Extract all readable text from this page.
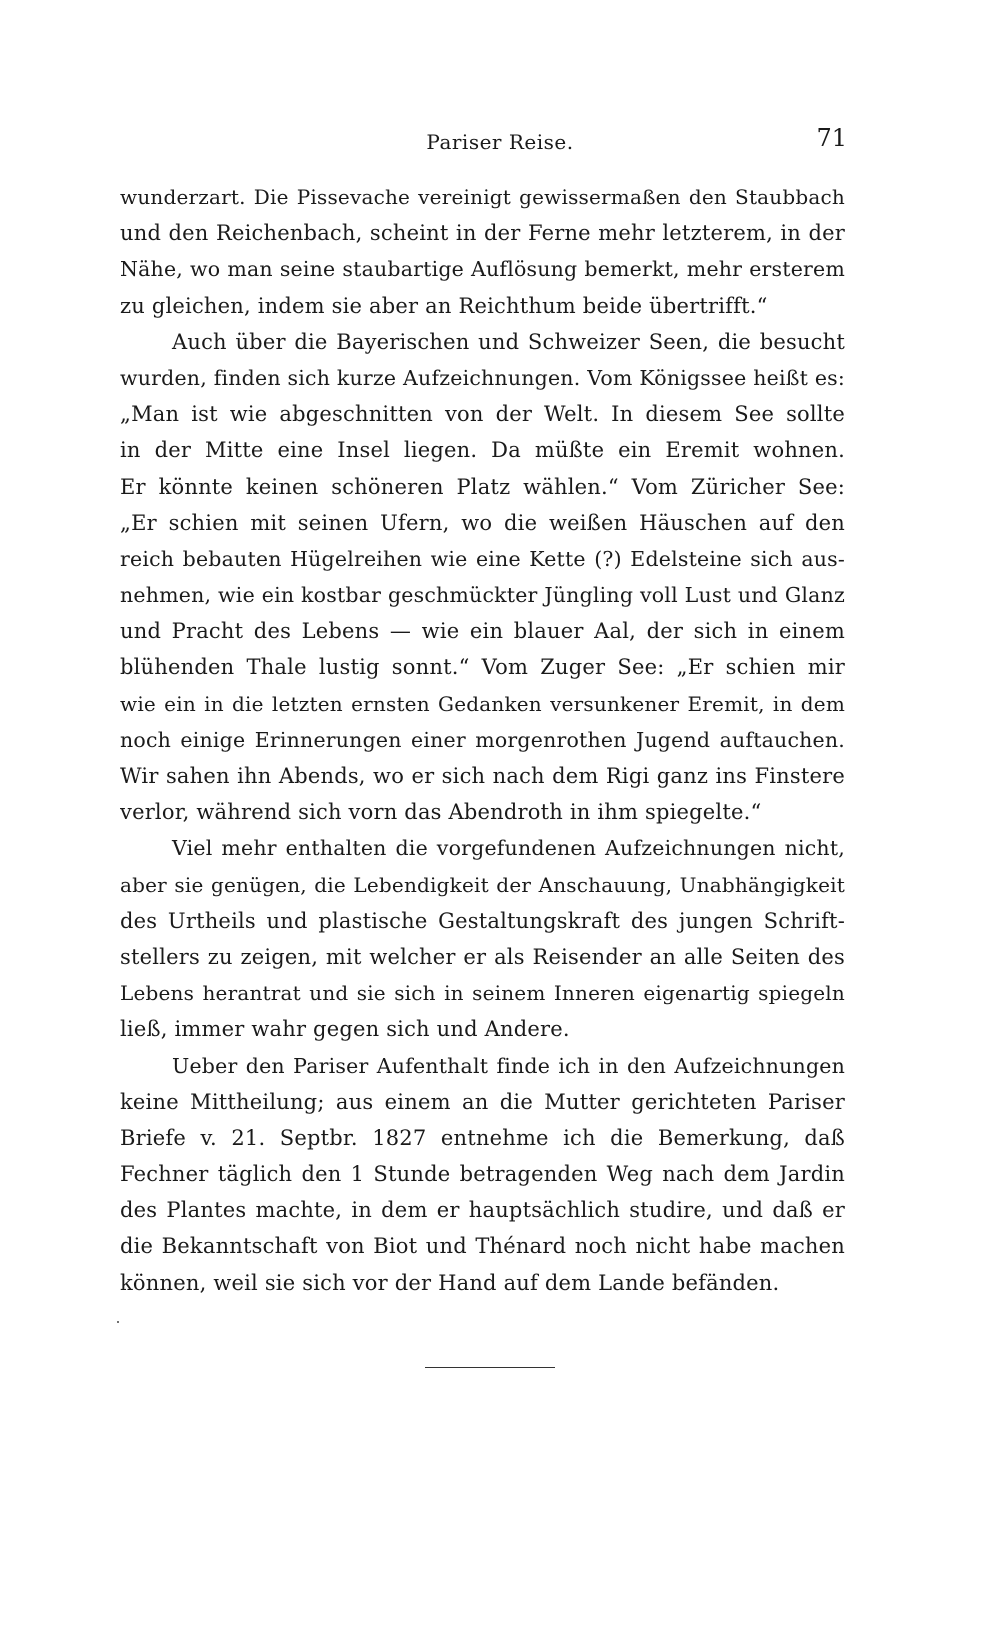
Pariser Reise.	71
wunderzart. Die Pissevache vereinigt gewissermaßen den Staubbach
und den Reichenbach, scheint in der Ferne mehr letzterem, in der
Nähe, wo man seine staubartige Auflösung bemerkt, mehr ersterem
zu gleichen, indem sie aber an Reichthum beide übertrifft.“
Auch über die Bayerischen und Schweizer Seen, die besucht
wurden, finden sich kurze Aufzeichnungen. Vom Königssee heißt es:
„Man ist wie abgeschnitten von der Welt. In diesem See sollte
in der Mitte eine Insel liegen. Da müßte ein Eremit wohnen.
Er könnte keinen schöneren Platz wählen.“ Vom Züricher See:
„Er schien mit seinen Ufern, wo die weißen Häuschen auf den
reich bebauten Hügelreihen wie eine Kette (?) Edelsteine sich aus-
nehmen, wie ein kostbar geschmückter Jüngling voll Lust und Glanz
und Pracht des Lebens — wie ein blauer Aal, der sich in einem
blühenden Thale lustig sonnt.“ Vom Zuger See: „Er schien mir
wie ein in die letzten ernsten Gedanken versunkener Eremit, in dem
noch einige Erinnerungen einer morgenrothen Jugend auftauchen.
Wir sahen ihn Abends, wo er sich nach dem Rigi ganz ins Finstere
verlor, während sich vorn das Abendroth in ihm spiegelte.“
Viel mehr enthalten die vorgefundenen Aufzeichnungen nicht,
aber sie genügen, die Lebendigkeit der Anschauung, Unabhängigkeit
des Urtheils und plastische Gestaltungskraft des jungen Schrift-
stellers zu zeigen, mit welcher er als Reisender an alle Seiten des
Lebens herantrat und sie sich in seinem Inneren eigenartig spiegeln
ließ, immer wahr gegen sich und Andere.
Ueber den Pariser Aufenthalt finde ich in den Aufzeichnungen
keine Mittheilung; aus einem an die Mutter gerichteten Pariser
Briefe v. 21. Septbr. 1827 entnehme ich die Bemerkung, daß
Fechner täglich den 1 Stunde betragenden Weg nach dem Jardin
des Plantes machte, in dem er hauptsächlich studire, und daß er
die Bekanntschaft von Biot und Thénard noch nicht habe machen
können, weil sie sich vor der Hand auf dem Lande befänden.
